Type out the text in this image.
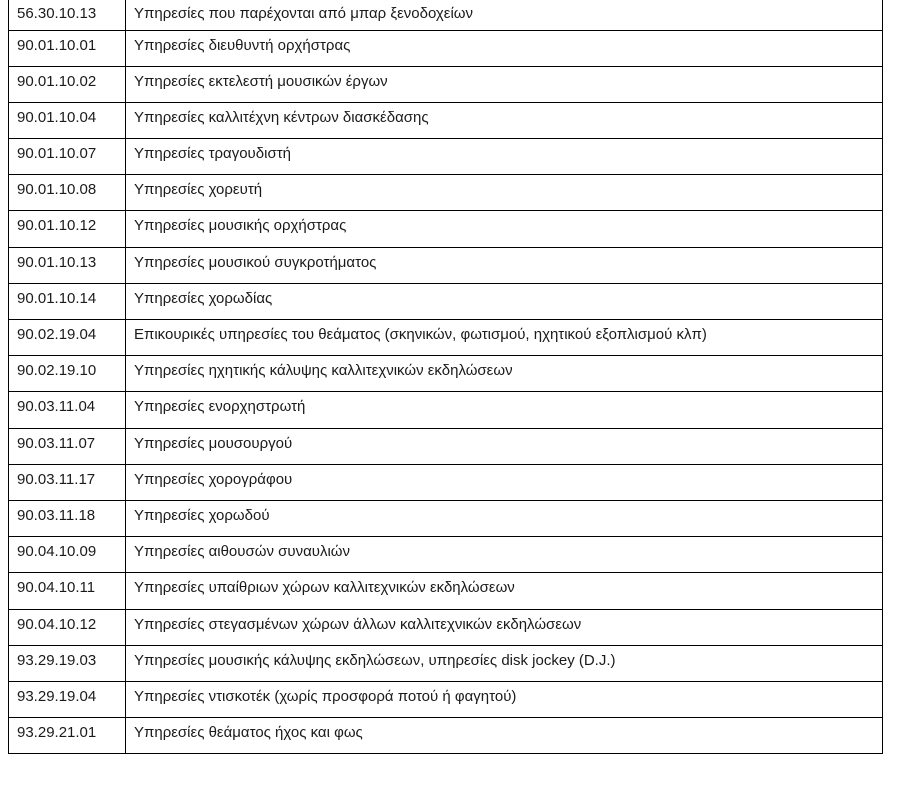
56.30.10.13	Υπηρεσίες που παρέχονται από μπαρ ξενοδοχείων
90.01.10.01	Υπηρεσίες διευθυντή ορχήστρας
90.01.10.02	Υπηρεσίες εκτελεστή μουσικών έργων
90.01.10.04	Υπηρεσίες καλλιτέχνη κέντρων διασκέδασης
90.01.10.07	Υπηρεσίες τραγουδιστή
90.01.10.08	Υπηρεσίες χορευτή
90.01.10.12	Υπηρεσίες μουσικής ορχήστρας
90.01.10.13	Υπηρεσίες μουσικού συγκροτήματος
90.01.10.14	Υπηρεσίες χορωδίας
90.02.19.04	Επικουρικές υπηρεσίες του θεάματος (σκηνικών, φωτισμού, ηχητικού εξοπλισμού κλπ)
90.02.19.10	Υπηρεσίες ηχητικής κάλυψης καλλιτεχνικών εκδηλώσεων
90.03.11.04	Υπηρεσίες ενορχηστρωτή
90.03.11.07	Υπηρεσίες μουσουργού
90.03.11.17	Υπηρεσίες χορογράφου
90.03.11.18	Υπηρεσίες χορωδού
90.04.10.09	Υπηρεσίες αιθουσών συναυλιών
90.04.10.11	Υπηρεσίες υπαίθριων χώρων καλλιτεχνικών εκδηλώσεων
90.04.10.12	Υπηρεσίες στεγασμένων χώρων άλλων καλλιτεχνικών εκδηλώσεων
93.29.19.03	Υπηρεσίες μουσικής κάλυψης εκδηλώσεων, υπηρεσίες disk jockey (D.J.)
93.29.19.04	Υπηρεσίες ντισκοτέκ (χωρίς προσφορά ποτού ή φαγητού)
93.29.21.01	Υπηρεσίες θεάματος ήχος και φως
